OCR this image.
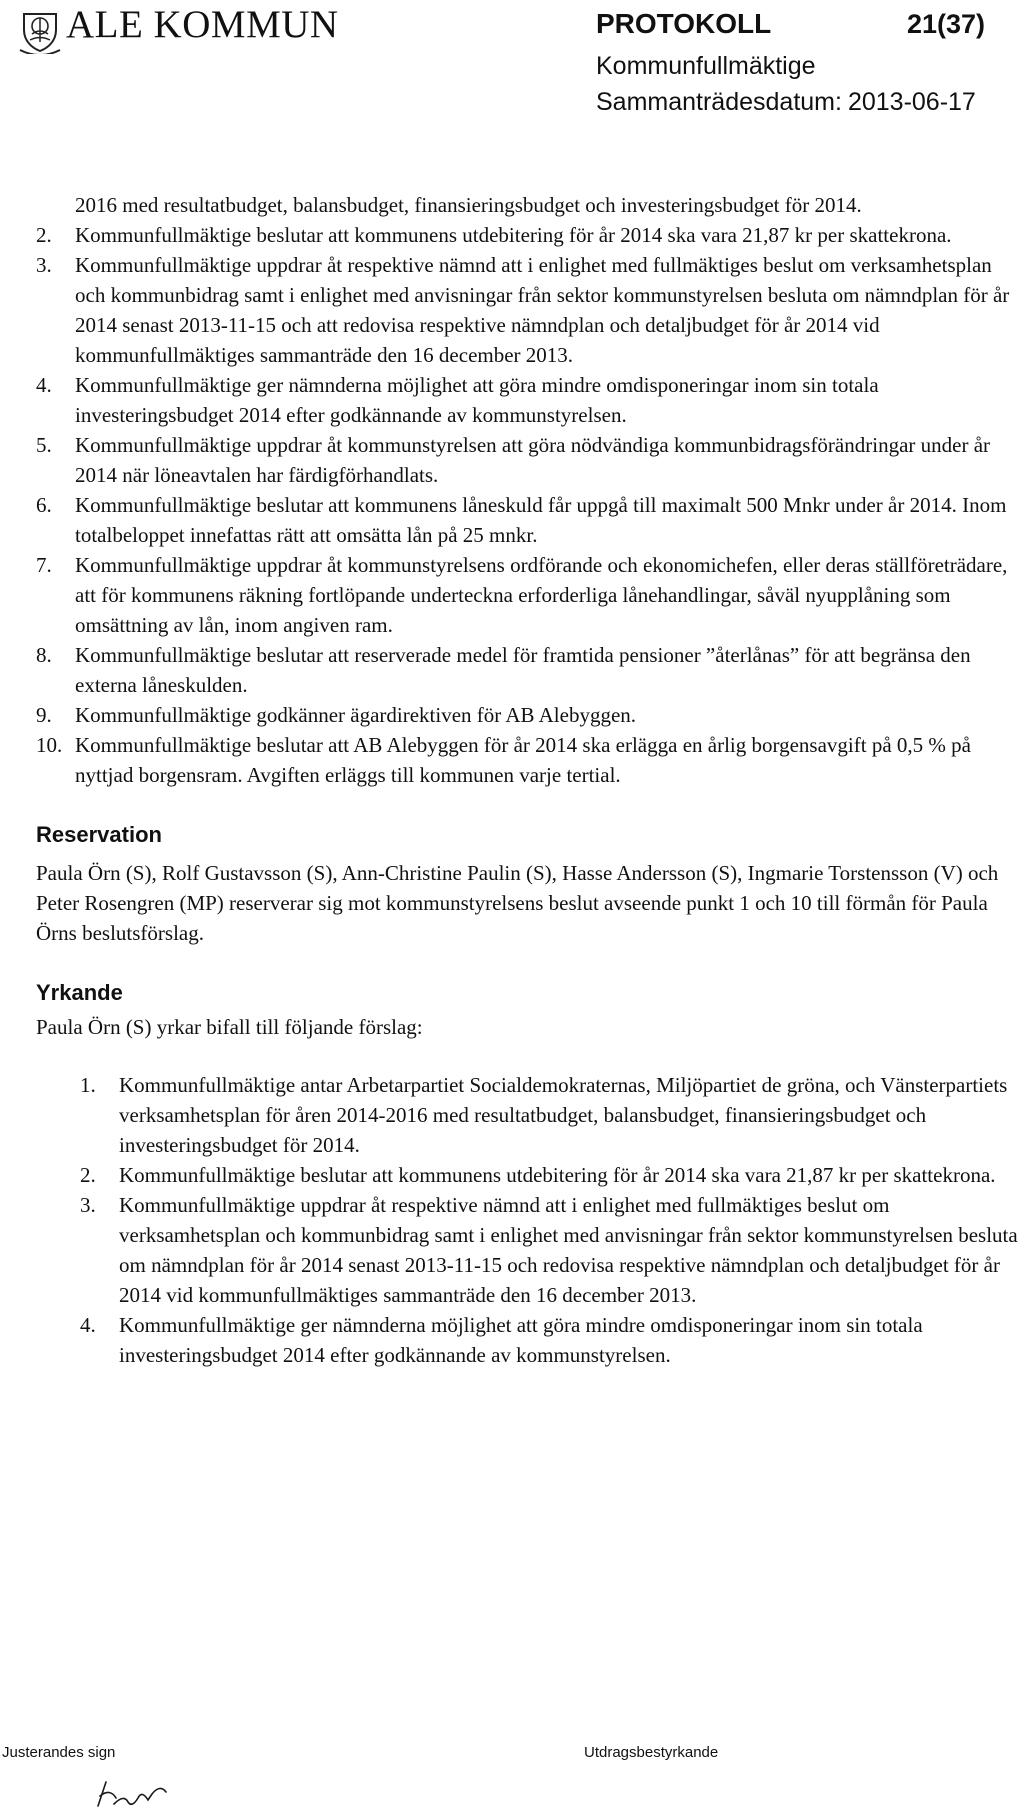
ALE KOMMUN	PROTOKOLL	21(37)
Kommunfullmäktige
Sammanträdesdatum: 2013-06-17
2016 med resultatbudget, balansbudget, finansieringsbudget och investeringsbudget för 2014.
2. Kommunfullmäktige beslutar att kommunens utdebitering för år 2014 ska vara 21,87 kr per skattekrona.
3. Kommunfullmäktige uppdrar åt respektive nämnd att i enlighet med fullmäktiges beslut om verksamhetsplan och kommunbidrag samt i enlighet med anvisningar från sektor kommunstyrelsen besluta om nämndplan för år 2014 senast 2013-11-15 och att redovisa respektive nämndplan och detaljbudget för år 2014 vid kommunfullmäktiges sammanträde den 16 december 2013.
4. Kommunfullmäktige ger nämnderna möjlighet att göra mindre omdisponeringar inom sin totala investeringsbudget 2014 efter godkännande av kommunstyrelsen.
5. Kommunfullmäktige uppdrar åt kommunstyrelsen att göra nödvändiga kommunbidragsförändringar under år 2014 när löneavtalen har färdigförhandlats.
6. Kommunfullmäktige beslutar att kommunens låneskuld får uppgå till maximalt 500 Mnkr under år 2014. Inom totalbeloppet innefattas rätt att omsätta lån på 25 mnkr.
7. Kommunfullmäktige uppdrar åt kommunstyrelsens ordförande och ekonomichefen, eller deras ställföreträdare, att för kommunens räkning fortlöpande underteckna erforderliga lånehandlingar, såväl nyupplåning som omsättning av lån, inom angiven ram.
8. Kommunfullmäktige beslutar att reserverade medel för framtida pensioner ”återlånas” för att begränsa den externa låneskulden.
9. Kommunfullmäktige godkänner ägardirektiven för AB Alebyggen.
10. Kommunfullmäktige beslutar att AB Alebyggen för år 2014 ska erlägga en årlig borgensavgift på 0,5 % på nyttjad borgensram. Avgiften erläggs till kommunen varje tertial.
Reservation

Paula Örn (S), Rolf Gustavsson (S), Ann-Christine Paulin (S), Hasse Andersson (S), Ingmarie Torstensson (V) och Peter Rosengren (MP) reserverar sig mot kommunstyrelsens beslut avseende punkt 1 och 10 till förmån för Paula Örns beslutsförslag.

Yrkande

Paula Örn (S) yrkar bifall till följande förslag:

1. Kommunfullmäktige antar Arbetarpartiet Socialdemokraternas, Miljöpartiet de gröna, och Vänsterpartiets verksamhetsplan för åren 2014-2016 med resultatbudget, balansbudget, finansieringsbudget och investeringsbudget för 2014.
2. Kommunfullmäktige beslutar att kommunens utdebitering för år 2014 ska vara 21,87 kr per skattekrona.
3. Kommunfullmäktige uppdrar åt respektive nämnd att i enlighet med fullmäktiges beslut om verksamhetsplan och kommunbidrag samt i enlighet med anvisningar från sektor kommunstyrelsen besluta om nämndplan för år 2014 senast 2013-11-15 och redovisa respektive nämndplan och detaljbudget för år 2014 vid kommunfullmäktiges sammanträde den 16 december 2013.
4. Kommunfullmäktige ger nämnderna möjlighet att göra mindre omdisponeringar inom sin totala investeringsbudget 2014 efter godkännande av kommunstyrelsen.
Justerandes sign	Utdragsbestyrkande
